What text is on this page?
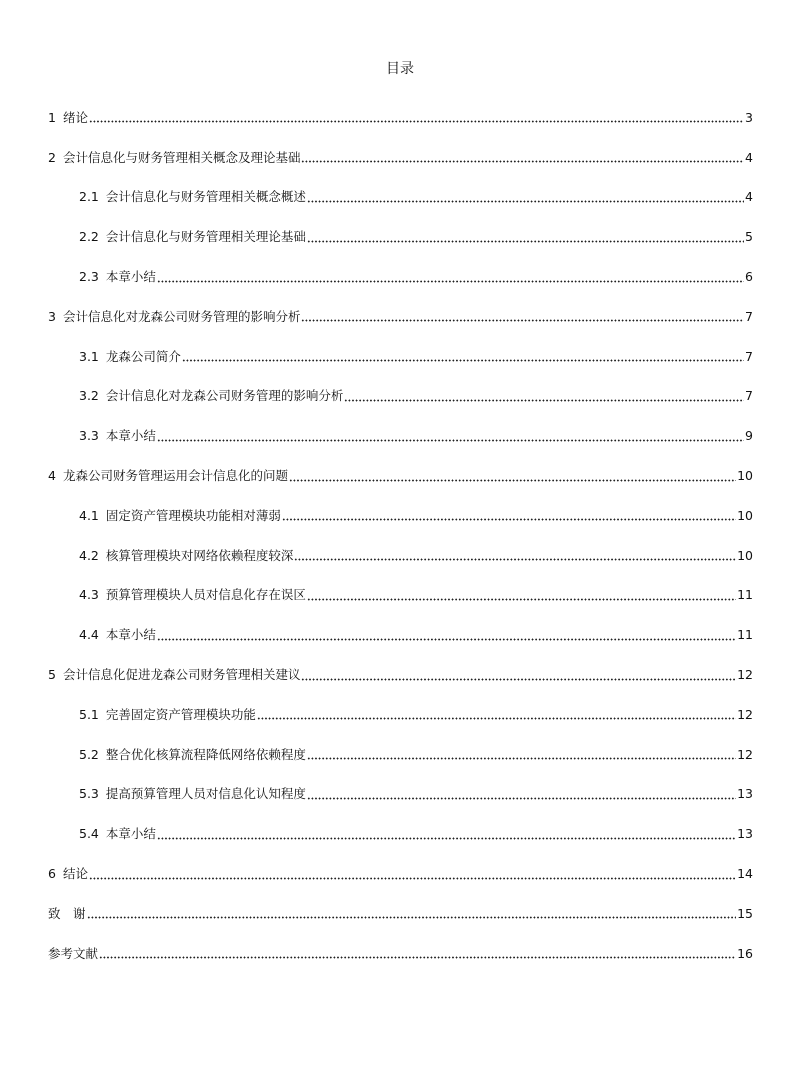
目录
1 绪论	3
2 会计信息化与财务管理相关概念及理论基础	4
2.1 会计信息化与财务管理相关概念概述	4
2.2 会计信息化与财务管理相关理论基础	5
2.3 本章小结	6
3 会计信息化对龙森公司财务管理的影响分析	7
3.1 龙森公司简介	7
3.2 会计信息化对龙森公司财务管理的影响分析	7
3.3 本章小结	9
4 龙森公司财务管理运用会计信息化的问题	10
4.1 固定资产管理模块功能相对薄弱	10
4.2 核算管理模块对网络依赖程度较深	10
4.3 预算管理模块人员对信息化存在误区	11
4.4 本章小结	11
5 会计信息化促进龙森公司财务管理相关建议	12
5.1 完善固定资产管理模块功能	12
5.2 整合优化核算流程降低网络依赖程度	12
5.3 提高预算管理人员对信息化认知程度	13
5.4 本章小结	13
6 结论	14
致　谢	15
参考文献	16
